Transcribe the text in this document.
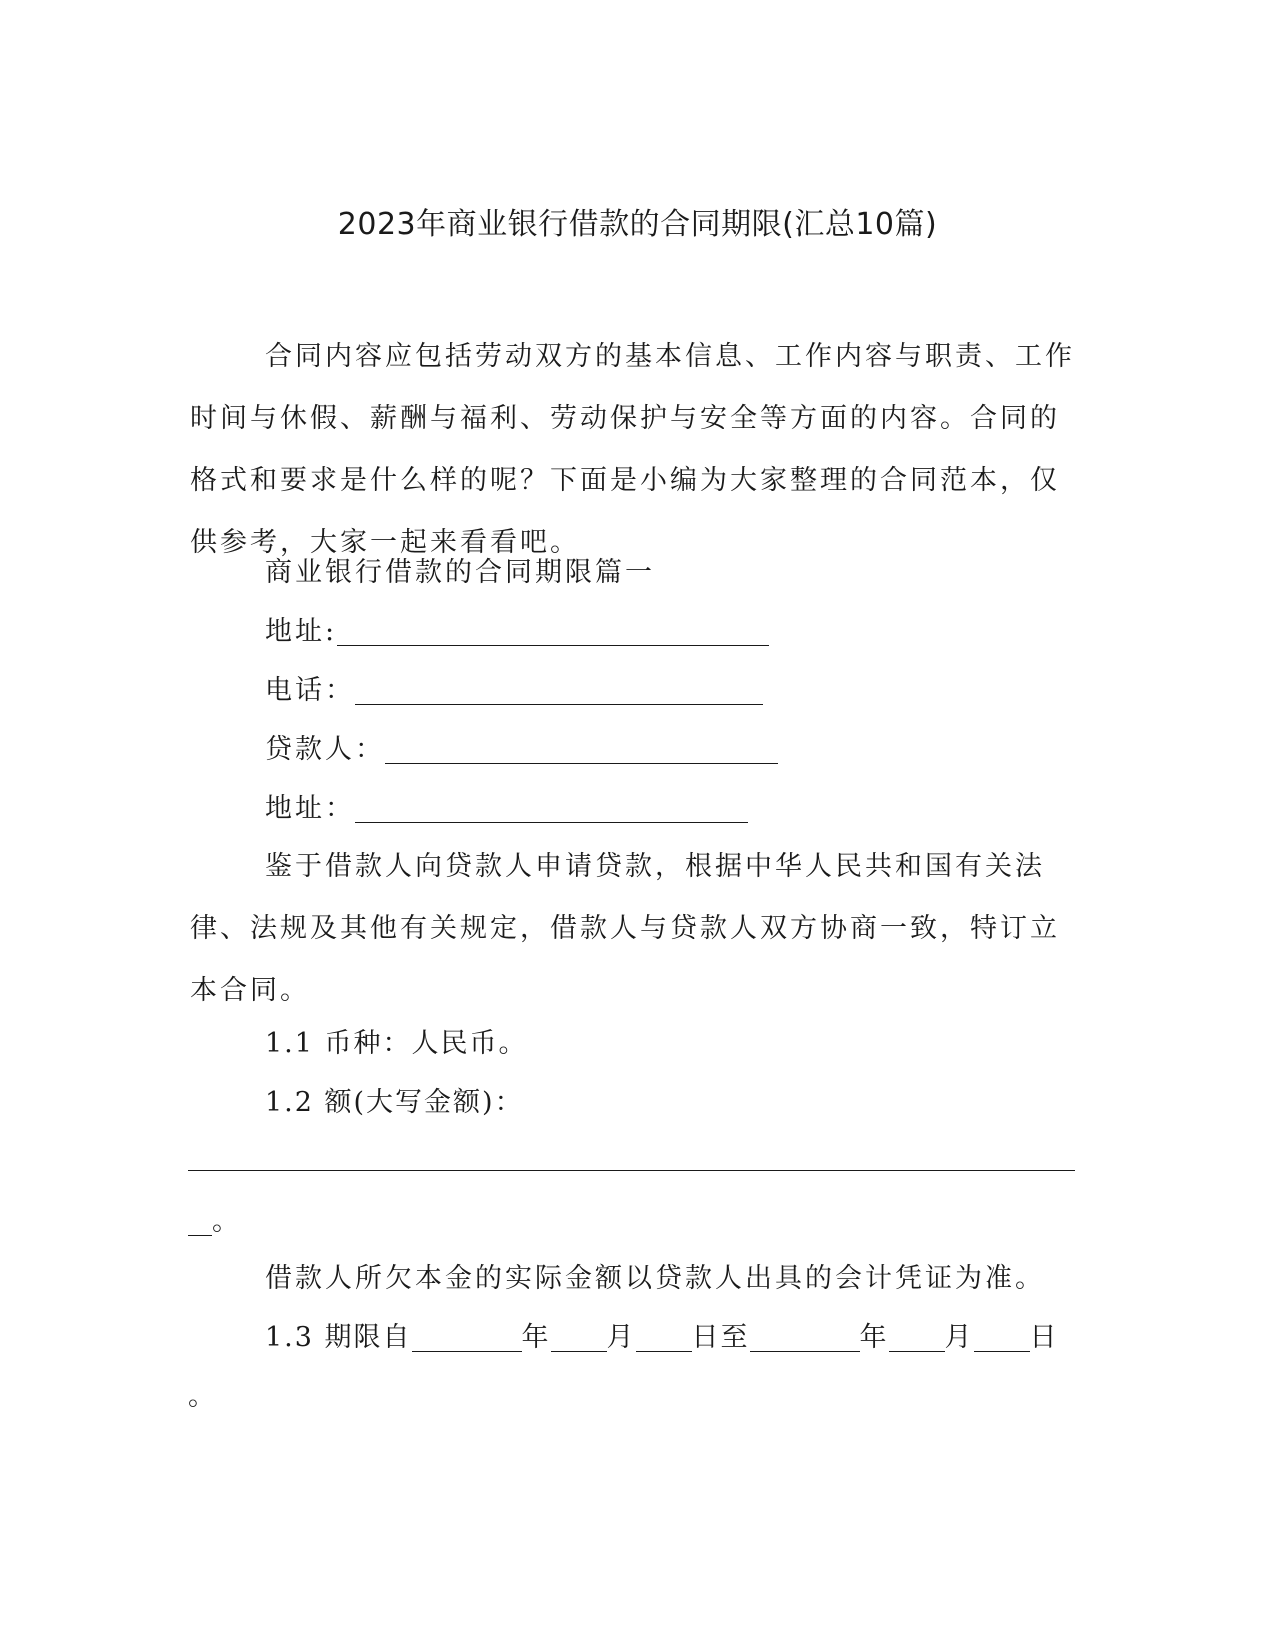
2023年商业银行借款的合同期限(汇总10篇)

合同内容应包括劳动双方的基本信息、工作内容与职责、工作时间与休假、薪酬与福利、劳动保护与安全等方面的内容。合同的格式和要求是什么样的呢？下面是小编为大家整理的合同范本，仅供参考，大家一起来看看吧。

商业银行借款的合同期限篇一
地址:
电话：
贷款人：
地址：

鉴于借款人向贷款人申请贷款，根据中华人民共和国有关法律、法规及其他有关规定，借款人与贷款人双方协商一致，特订立本合同。

1.1 币种：人民币。
1.2 额(大写金额)：
。
借款人所欠本金的实际金额以贷款人出具的会计凭证为准。
1.3 期限自	年 月 日至	年 月 日
。
